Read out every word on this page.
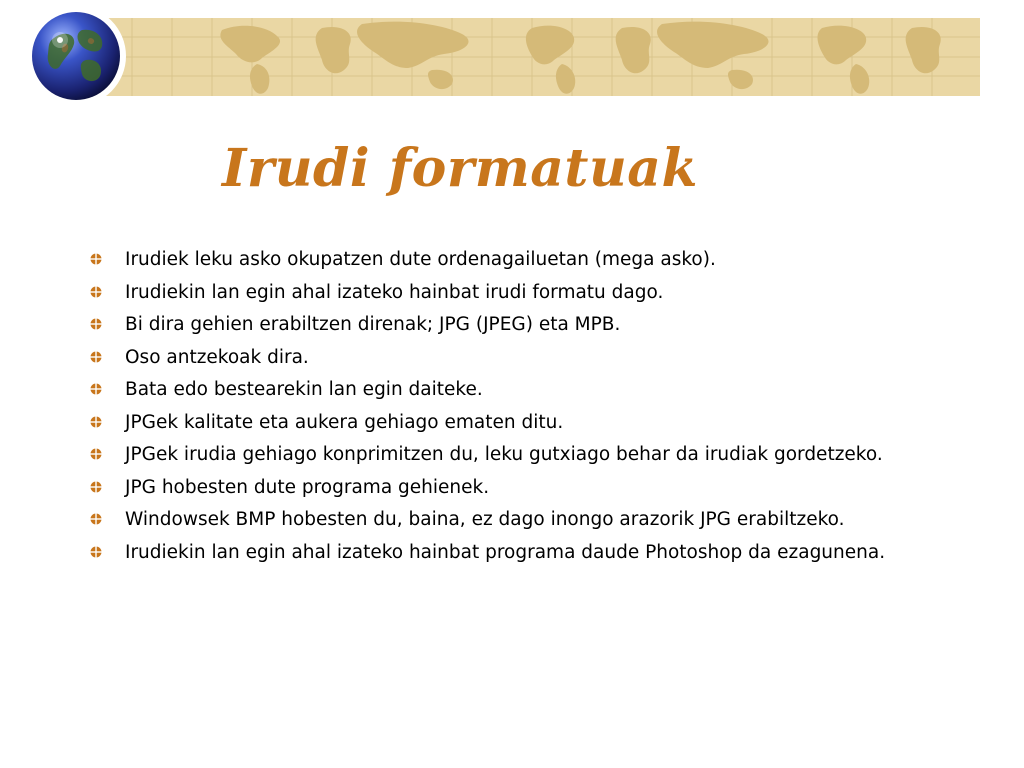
Irudi formatuak
Irudiek leku asko okupatzen dute ordenagailuetan (mega asko).
Irudiekin lan egin ahal izateko hainbat irudi formatu dago.
Bi dira gehien erabiltzen direnak; JPG (JPEG) eta MPB.
Oso antzekoak dira.
Bata edo bestearekin lan egin daiteke.
JPGek kalitate eta aukera gehiago ematen ditu.
JPGek irudia gehiago konprimitzen du, leku gutxiago behar da irudiak gordetzeko.
JPG hobesten dute programa gehienek.
Windowsek BMP hobesten du, baina, ez dago inongo arazorik JPG erabiltzeko.
Irudiekin lan egin ahal izateko hainbat programa daude Photoshop da ezagunena.
